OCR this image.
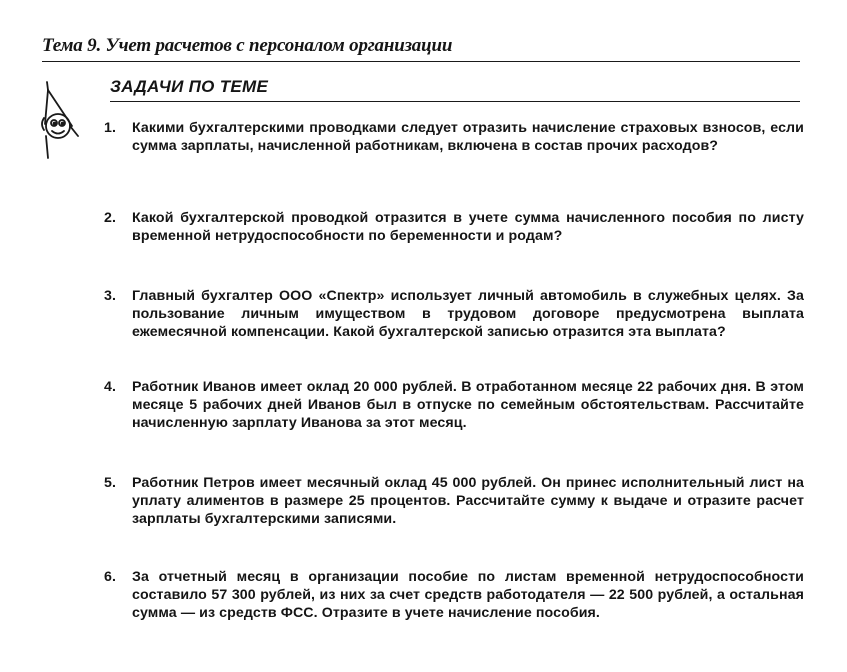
Тема 9. Учет расчетов с персоналом организации
ЗАДАЧИ ПО ТЕМЕ
1.	Какими бухгалтерскими проводками следует отразить начисление страховых взносов, если сумма зарплаты, начисленной работникам, включена в состав прочих расходов?
2.	Какой бухгалтерской проводкой отразится в учете сумма начисленного пособия по листу временной нетрудоспособности по беременности и родам?
3.	Главный бухгалтер ООО «Спектр» использует личный автомобиль в служебных целях. За пользование личным имуществом в трудовом договоре предусмотрена выплата ежемесячной компенсации. Какой бухгалтерской записью отразится эта выплата?
4.	Работник Иванов имеет оклад 20 000 рублей. В отработанном месяце 22 рабочих дня. В этом месяце 5 рабочих дней Иванов был в отпуске по семейным обстоятельствам. Рассчитайте начисленную зарплату Иванова за этот месяц.
5.	Работник Петров имеет месячный оклад 45 000 рублей. Он принес исполнительный лист на уплату алиментов в размере 25 процентов. Рассчитайте сумму к выдаче и отразите расчет зарплаты бухгалтерскими записями.
6.	За отчетный месяц в организации пособие по листам временной нетрудоспособности составило 57 300 рублей, из них за счет средств работодателя — 22 500 рублей, а остальная сумма — из средств ФСС. Отразите в учете начисление пособия.
